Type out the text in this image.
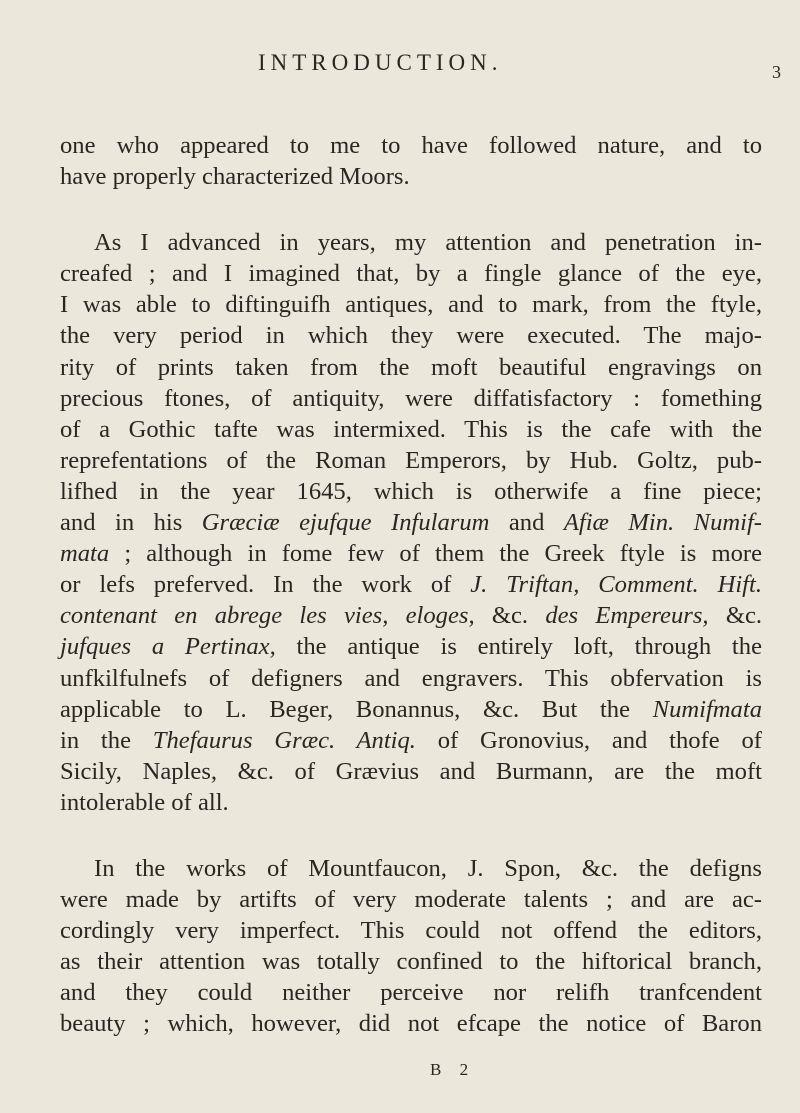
INTRODUCTION.	3

one who appeared to me to have followed nature, and to
have properly characterized Moors.

As I advanced in years, my attention and penetration in-
creafed ; and I imagined that, by a fingle glance of the eye,
I was able to diftinguifh antiques, and to mark, from the ftyle,
the very period in which they were executed. The majo-
rity of prints taken from the moft beautiful engravings on
precious ftones, of antiquity, were diffatisfactory : fomething
of a Gothic tafte was intermixed. This is the cafe with the
reprefentations of the Roman Emperors, by Hub. Goltz, pub-
lifhed in the year 1645, which is otherwife a fine piece;
and in his Græciæ ejufque Infularum and Afiæ Min. Numif-
mata ; although in fome few of them the Greek ftyle is more
or lefs preferved. In the work of J. Triftan, Comment. Hift.
contenant en abrege les vies, eloges, &c. des Empereurs, &c.
jufques a Pertinax, the antique is entirely loft, through the
unfkilfulnefs of defigners and engravers. This obfervation is
applicable to L. Beger, Bonannus, &c. But the Numifmata
in the Thefaurus Græc. Antiq. of Gronovius, and thofe of
Sicily, Naples, &c. of Grævius and Burmann, are the moft
intolerable of all.

In the works of Mountfaucon, J. Spon, &c. the defigns
were made by artifts of very moderate talents ; and are ac-
cordingly very imperfect. This could not offend the editors,
as their attention was totally confined to the hiftorical branch,
and they could neither perceive nor relifh tranfcendent
beauty ; which, however, did not efcape the notice of Baron

B 2
